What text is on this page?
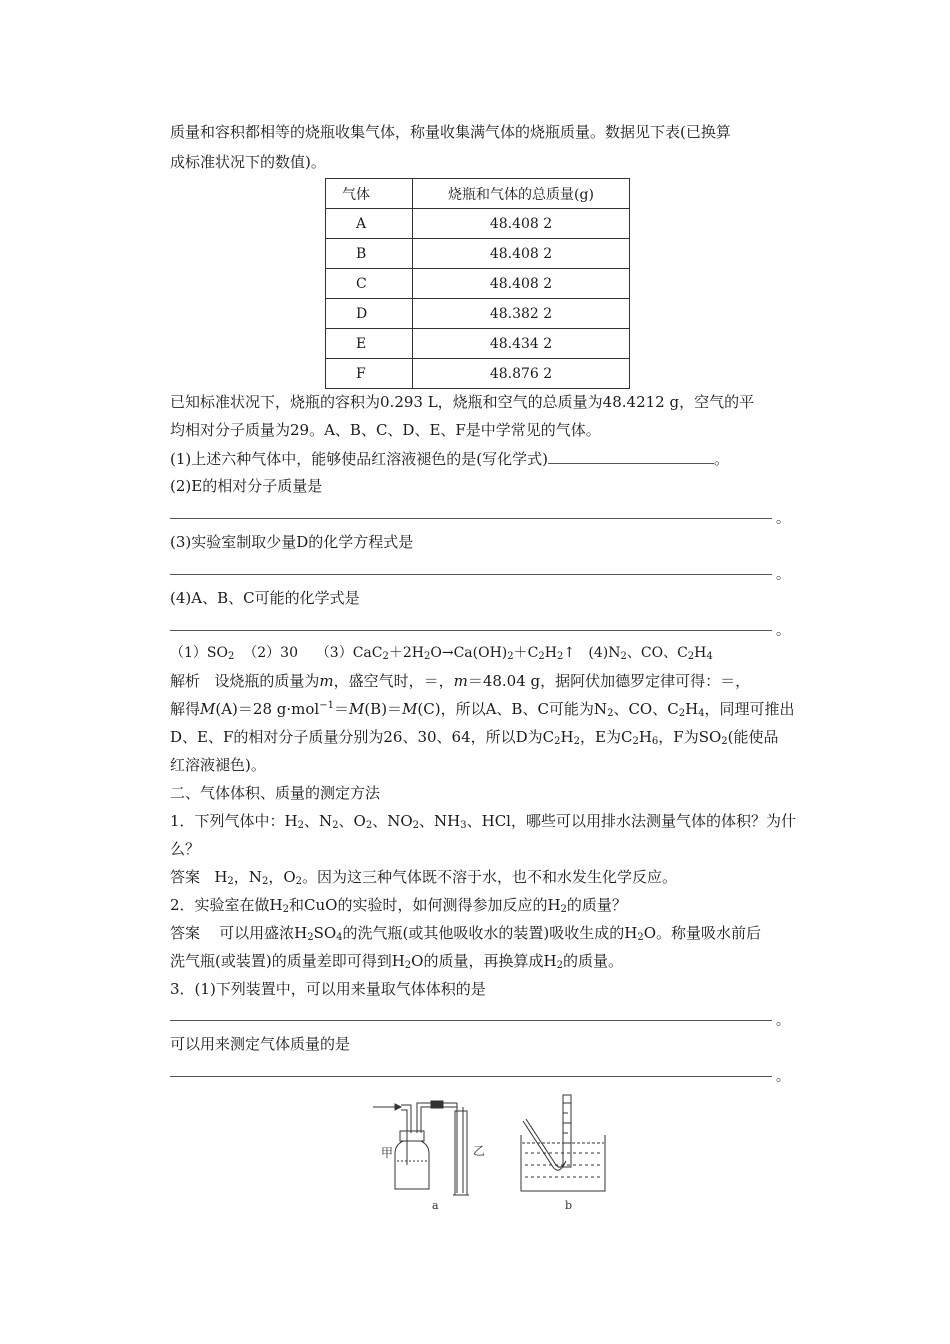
质量和容积都相等的烧瓶收集气体，称量收集满气体的烧瓶质量。数据见下表(已换算
成标准状况下的数值)。
气体	烧瓶和气体的总质量(g)
A	48.408 2
B	48.408 2
C	48.408 2
D	48.382 2
E	48.434 2
F	48.876 2
已知标准状况下，烧瓶的容积为0.293 L，烧瓶和空气的总质量为48.4212 g，空气的平
均相对分子质量为29。A、B、C、D、E、F是中学常见的气体。
(1)上述六种气体中，能够使品红溶液褪色的是(写化学式)	。
(2)E的相对分子质量是
。
(3)实验室制取少量D的化学方程式是
。
(4)A、B、C可能的化学式是
。
$(1)SO_2$ （2）30 $(3)CaC_2+2H_2O\to Ca(OH)_2+C_2H_2↑$ $(4)N_2$、CO、$C_2H_4$
解析 设烧瓶的质量为m，盛空气时，＝，m＝48.04 g，据阿伏加德罗定律可得：＝，
解得M(A)＝28 g·mol$^{-1}$＝M(B)＝M(C)，所以A、B、C可能为$N_2$、CO、$C_2H_4$，同理可推出
D、E、F的相对分子质量分别为26、30、64，所以D为$C_2H_2$，E为$C_2H_6$，F为$SO_2$(能使品
红溶液褪色)。
二、气体体积、质量的测定方法
1．下列气体中：$H_2$、$N_2$、$O_2$、$NO_2$、$NH_3$、HCl，哪些可以用排水法测量气体的体积？为什
么？
答案 $H_2$，$N_2$，$O_2$。因为这三种气体既不溶于水，也不和水发生化学反应。
2．实验室在做$H_2$和CuO的实验时，如何测得参加反应的$H_2$的质量？
答案 可以用盛浓$H_2SO_4$的洗气瓶(或其他吸收水的装置)吸收生成的$H_2O$。称量吸水前后
洗气瓶(或装置)的质量差即可得到$H_2O$的质量，再换算成$H_2$的质量。
3．(1)下列装置中，可以用来量取气体体积的是
。
可以用来测定气体质量的是
。
甲	乙
a	b
